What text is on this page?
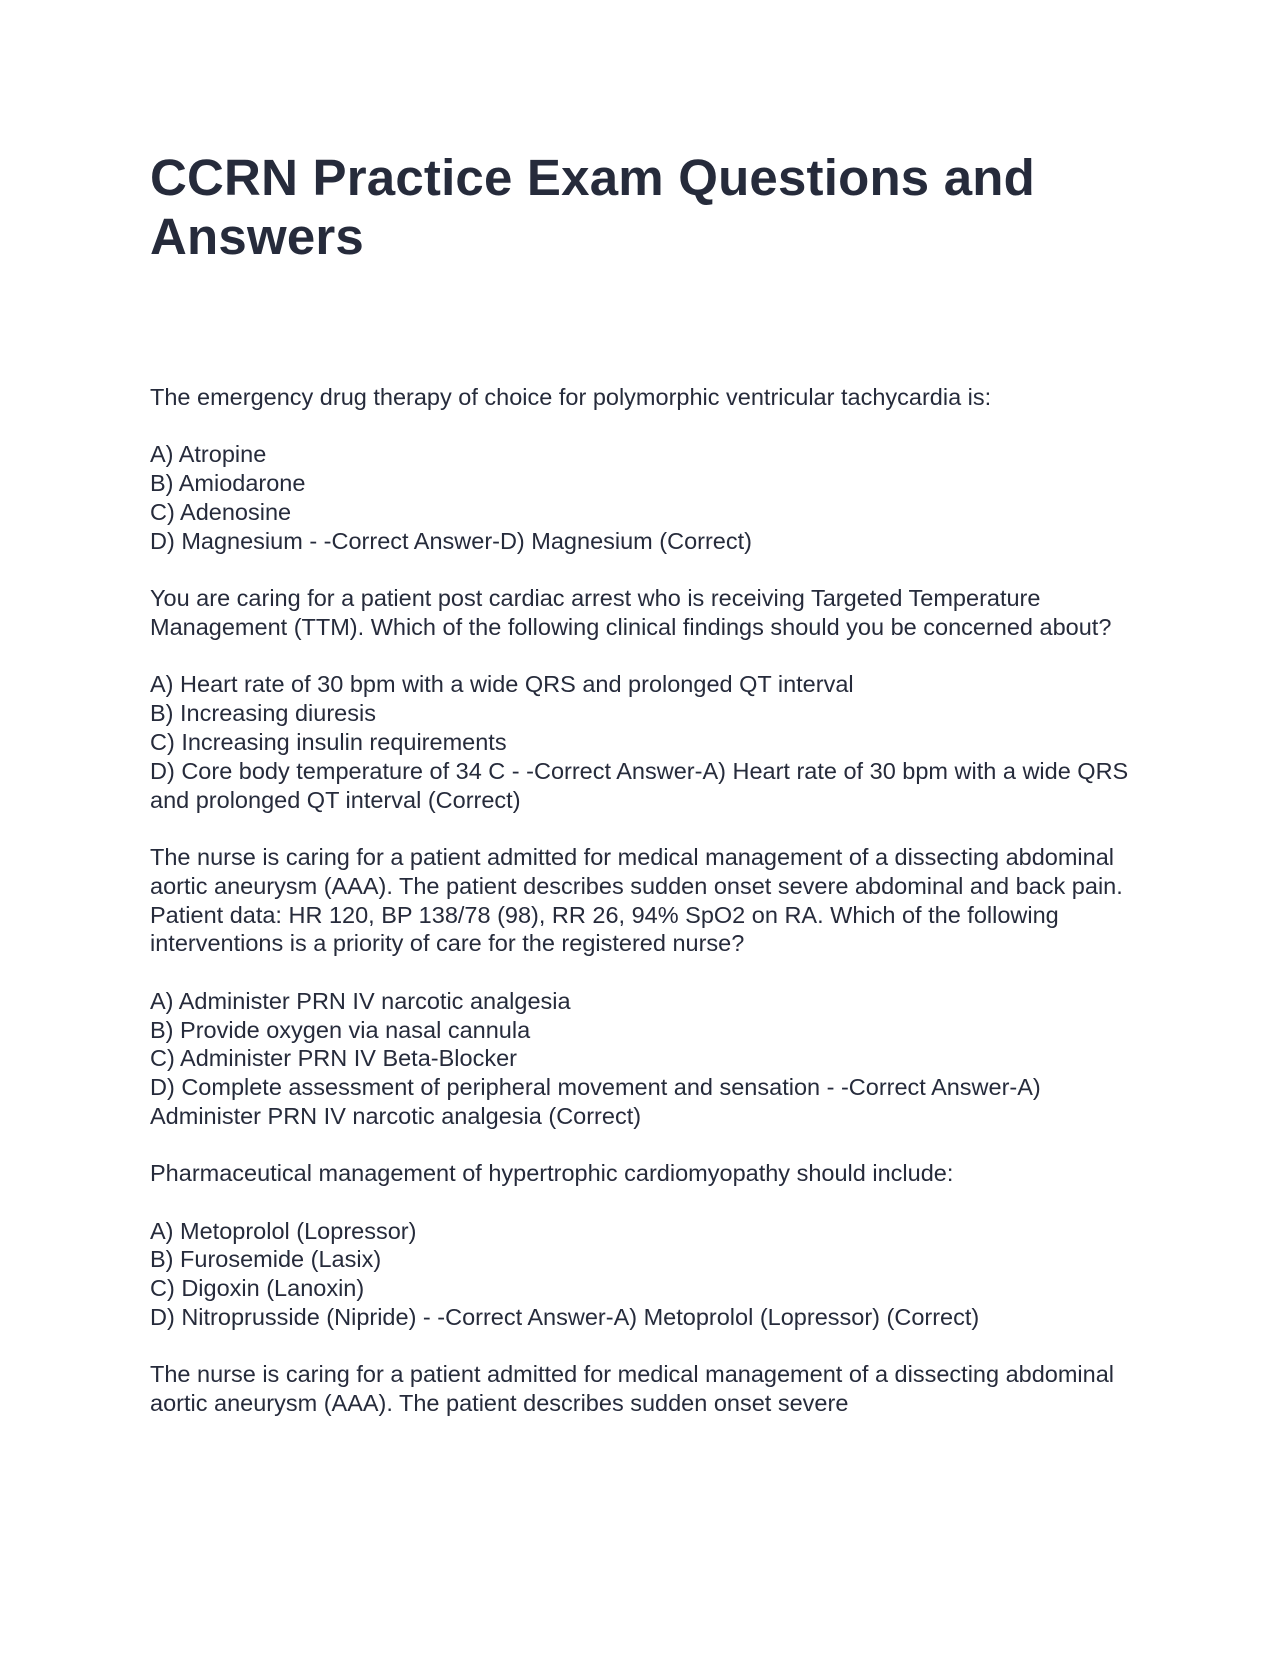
CCRN Practice Exam Questions and Answers

The emergency drug therapy of choice for polymorphic ventricular tachycardia is:

A) Atropine
B) Amiodarone
C) Adenosine
D) Magnesium - -Correct Answer-D) Magnesium (Correct)

You are caring for a patient post cardiac arrest who is receiving Targeted Temperature Management (TTM). Which of the following clinical findings should you be concerned about?

A) Heart rate of 30 bpm with a wide QRS and prolonged QT interval
B) Increasing diuresis
C) Increasing insulin requirements
D) Core body temperature of 34 C - -Correct Answer-A) Heart rate of 30 bpm with a wide QRS and prolonged QT interval (Correct)

The nurse is caring for a patient admitted for medical management of a dissecting abdominal aortic aneurysm (AAA). The patient describes sudden onset severe abdominal and back pain. Patient data: HR 120, BP 138/78 (98), RR 26, 94% SpO2 on RA. Which of the following interventions is a priority of care for the registered nurse?

A) Administer PRN IV narcotic analgesia
B) Provide oxygen via nasal cannula
C) Administer PRN IV Beta-Blocker
D) Complete assessment of peripheral movement and sensation - -Correct Answer-A) Administer PRN IV narcotic analgesia (Correct)

Pharmaceutical management of hypertrophic cardiomyopathy should include:

A) Metoprolol (Lopressor)
B) Furosemide (Lasix)
C) Digoxin (Lanoxin)
D) Nitroprusside (Nipride) - -Correct Answer-A) Metoprolol (Lopressor) (Correct)

The nurse is caring for a patient admitted for medical management of a dissecting abdominal aortic aneurysm (AAA). The patient describes sudden onset severe
